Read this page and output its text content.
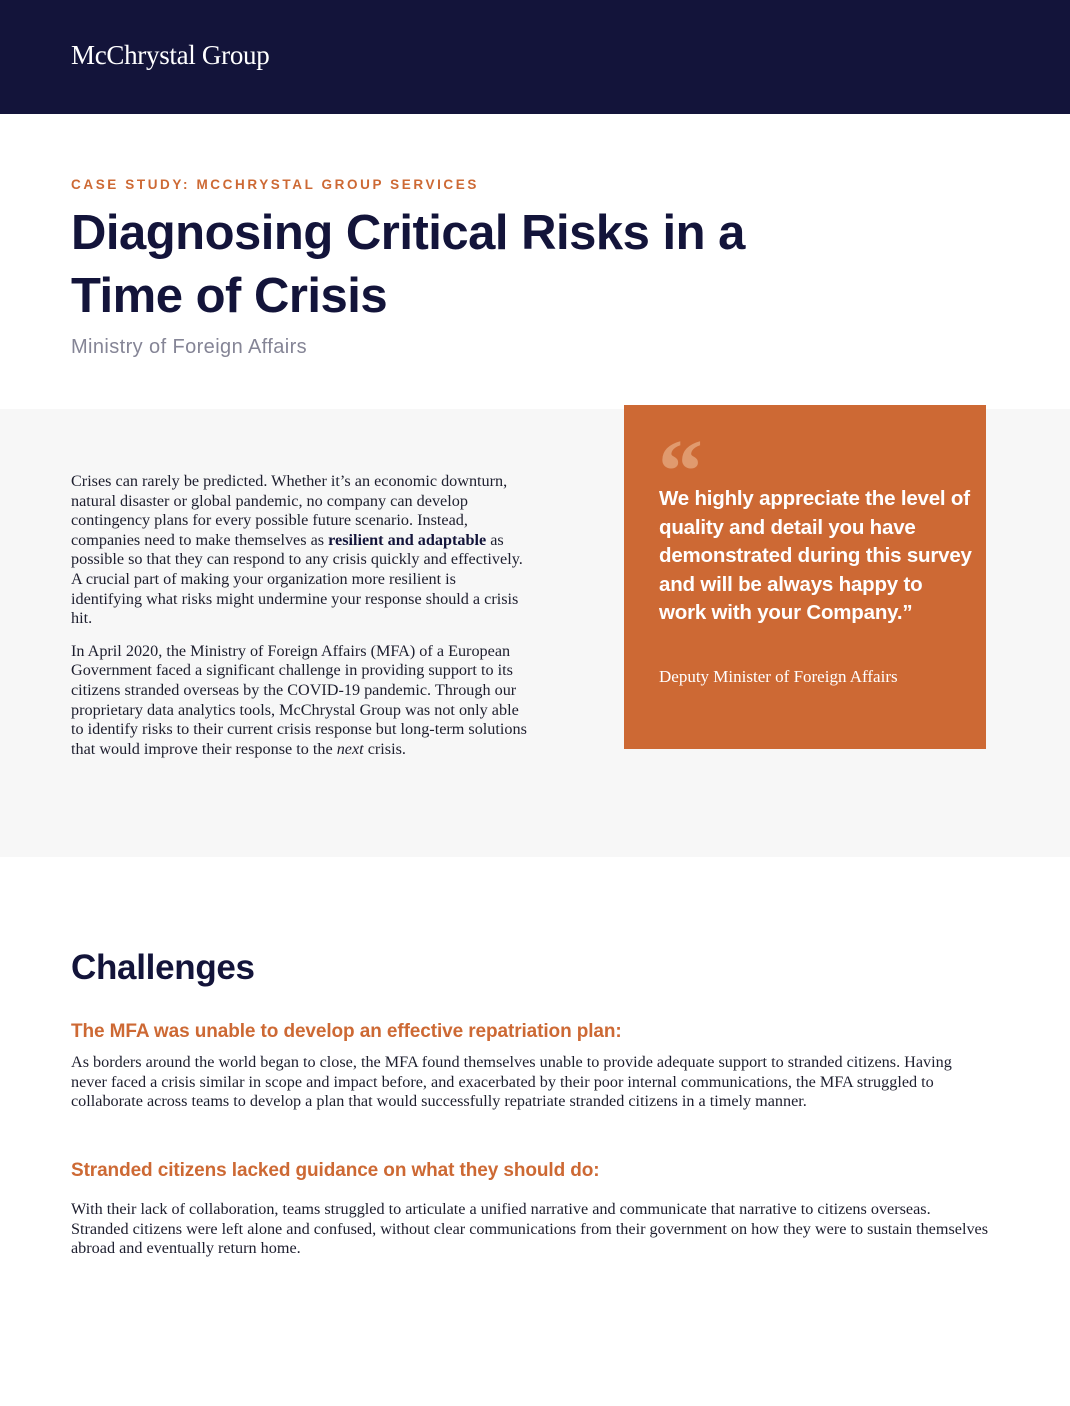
McChrystal Group
CASE STUDY: MCCHRYSTAL GROUP SERVICES
Diagnosing Critical Risks in a
Time of Crisis
Ministry of Foreign Affairs

Crises can rarely be predicted. Whether it’s an economic downturn, natural disaster or global pandemic, no company can develop contingency plans for every possible future scenario. Instead, companies need to make themselves as resilient and adaptable as possible so that they can respond to any crisis quickly and effectively. A crucial part of making your organization more resilient is identifying what risks might undermine your response should a crisis hit.

In April 2020, the Ministry of Foreign Affairs (MFA) of a European Government faced a significant challenge in providing support to its citizens stranded overseas by the COVID-19 pandemic. Through our proprietary data analytics tools, McChrystal Group was not only able to identify risks to their current crisis response but long-term solutions that would improve their response to the next crisis.

“

We highly appreciate the level of quality and detail you have demonstrated during this survey and will be always happy to work with your Company.”

Deputy Minister of Foreign Affairs
Challenges
The MFA was unable to develop an effective repatriation plan:

As borders around the world began to close, the MFA found themselves unable to provide adequate support to stranded citizens. Having never faced a crisis similar in scope and impact before, and exacerbated by their poor internal communications, the MFA struggled to collaborate across teams to develop a plan that would successfully repatriate stranded citizens in a timely manner.

Stranded citizens lacked guidance on what they should do:

With their lack of collaboration, teams struggled to articulate a unified narrative and communicate that narrative to citizens overseas. Stranded citizens were left alone and confused, without clear communications from their government on how they were to sustain themselves abroad and eventually return home.
